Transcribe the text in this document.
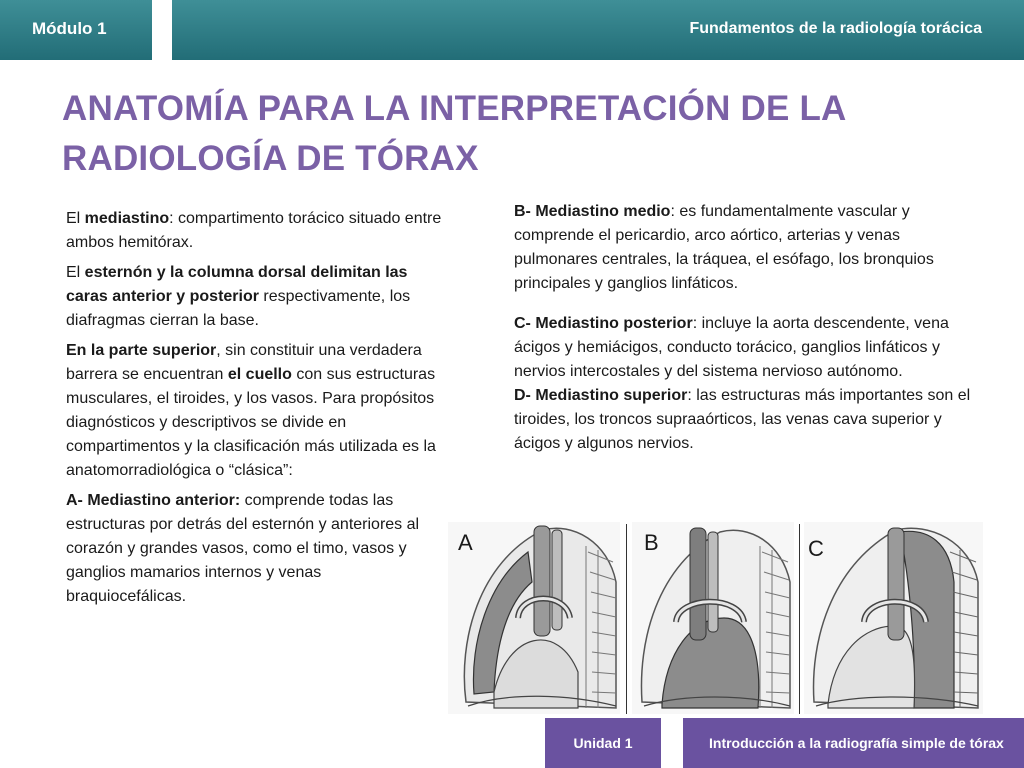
Módulo 1	Fundamentos de la radiología torácica
ANATOMÍA PARA LA INTERPRETACIÓN DE LA
RADIOLOGÍA DE TÓRAX

El mediastino: compartimento torácico situado entre ambos hemitórax.

El esternón y la columna dorsal delimitan las caras anterior y posterior respectivamente, los diafragmas cierran la base.

En la parte superior, sin constituir una verdadera barrera se encuentran el cuello con sus estructuras musculares, el tiroides, y los vasos. Para propósitos diagnósticos y descriptivos se divide en compartimentos y la clasificación más utilizada es la anatomorradiológica o “clásica”:

A- Mediastino anterior: comprende todas las estructuras por detrás del esternón y anteriores al corazón y grandes vasos, como el timo, vasos y ganglios mamarios internos y venas braquiocefálicas.

B- Mediastino medio: es fundamentalmente vascular y comprende el pericardio, arco aórtico, arterias y venas pulmonares centrales, la tráquea, el esófago, los bronquios principales y ganglios linfáticos.

C- Mediastino posterior: incluye la aorta descendente, vena ácigos y hemiácigos, conducto torácico, ganglios linfáticos y nervios intercostales y del sistema nervioso autónomo.

D- Mediastino superior: las estructuras más importantes son el tiroides, los troncos supraaórticos, las venas cava superior y ácigos y algunos nervios.

A	B	C
Unidad 1	Introducción a la radiografía simple de tórax
